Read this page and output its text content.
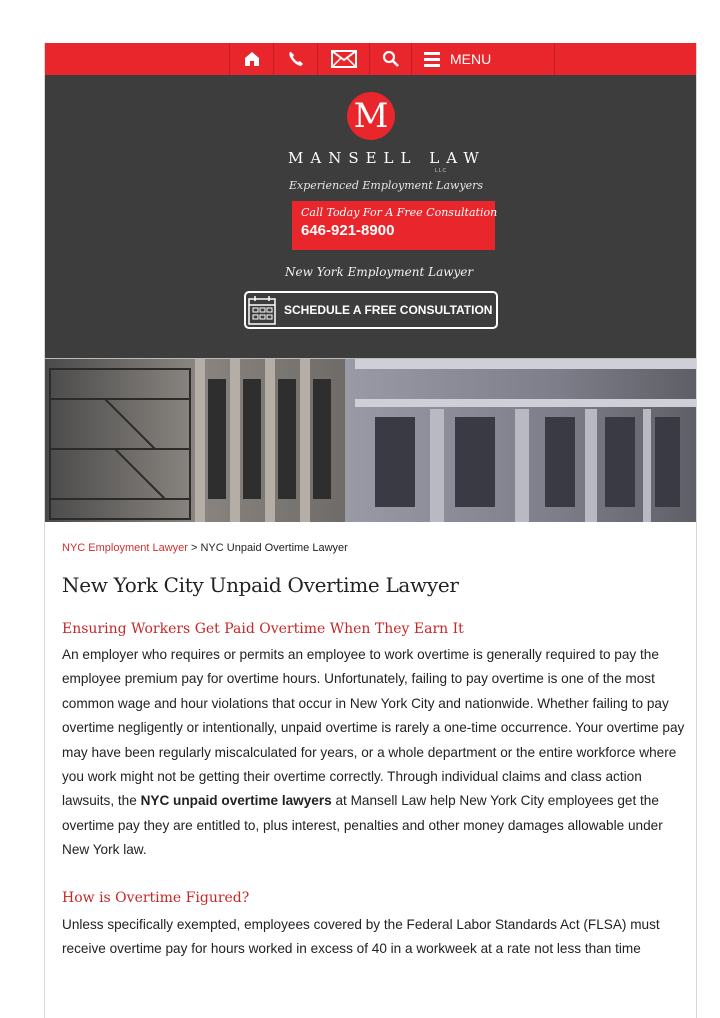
MENU
M
MANSELL LAW
LLC
Experienced Employment Lawyers
Call Today For A Free Consultation
646-921-8900
New York Employment Lawyer
SCHEDULE A FREE CONSULTATION
NYC Employment Lawyer > NYC Unpaid Overtime Lawyer
New York City Unpaid Overtime Lawyer
Ensuring Workers Get Paid Overtime When They Earn It
An employer who requires or permits an employee to work overtime is generally required to pay the employee premium pay for overtime hours. Unfortunately, failing to pay overtime is one of the most common wage and hour violations that occur in New York City and nationwide. Whether failing to pay overtime negligently or intentionally, unpaid overtime is rarely a one-time occurrence. Your overtime pay may have been regularly miscalculated for years, or a whole department or the entire workforce where you work might not be getting their overtime correctly. Through individual claims and class action lawsuits, the NYC unpaid overtime lawyers at Mansell Law help New York City employees get the overtime pay they are entitled to, plus interest, penalties and other money damages allowable under New York law.
How is Overtime Figured?
Unless specifically exempted, employees covered by the Federal Labor Standards Act (FLSA) must receive overtime pay for hours worked in excess of 40 in a workweek at a rate not less than time
